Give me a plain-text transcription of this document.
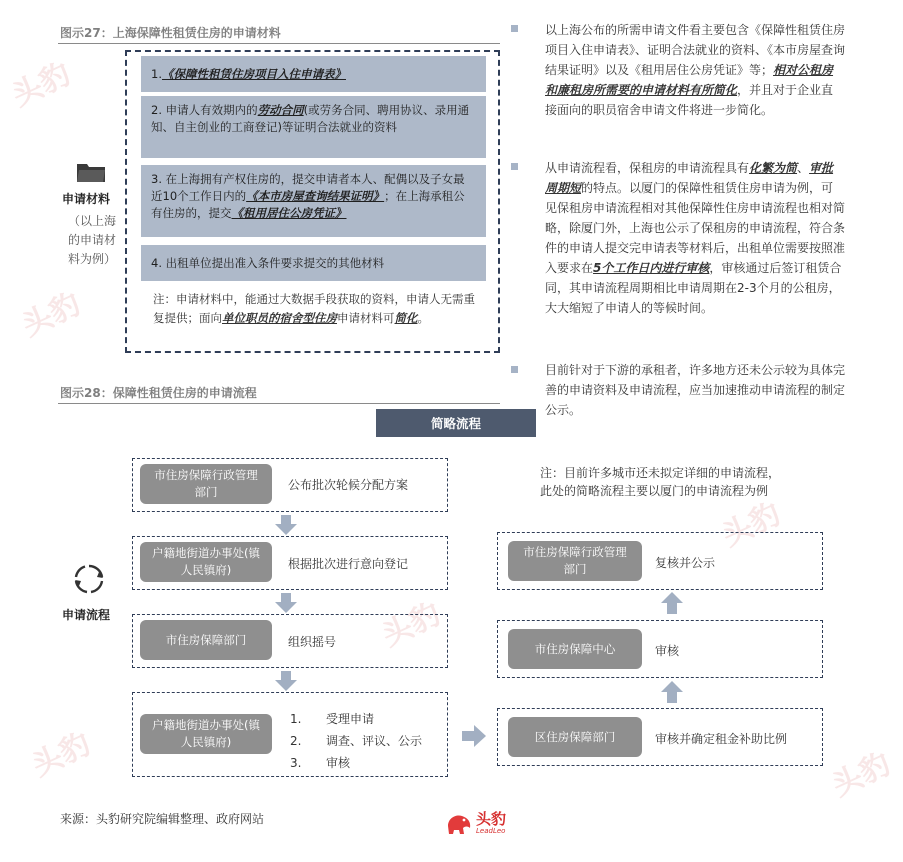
头豹
头豹
头豹
头豹
头豹	头豹
图示27：上海保障性租赁住房的申请材料
申请材料
（以上海的申请材料为例）
1. 《保障性租赁住房项目入住申请表》
2. 申请人有效期内的劳动合同(或劳务合同、聘用协议、录用通知、自主创业的工商登记)等证明合法就业的资料
3. 在上海拥有产权住房的，提交申请者本人、配偶以及子女最近10个工作日内的《本市房屋查询结果证明》；在上海承租公有住房的，提交《租用居住公房凭证》
4. 出租单位提出准入条件要求提交的其他材料
注：申请材料中，能通过大数据手段获取的资料，申请人无需重复提供；面向单位职员的宿舍型住房申请材料可简化。
以上海公布的所需申请文件看主要包含《保障性租赁住房项目入住申请表》、证明合法就业的资料、《本市房屋查询结果证明》以及《租用居住公房凭证》等；相对公租房和廉租房所需要的申请材料有所简化，并且对于企业直接面向的职员宿舍申请文件将进一步简化。
从申请流程看，保租房的申请流程具有化繁为简、审批周期短的特点。以厦门的保障性租赁住房申请为例，可见保租房申请流程相对其他保障性住房申请流程也相对简略，除厦门外，上海也公示了保租房的申请流程，符合条件的申请人提交完申请表等材料后，出租单位需要按照准入要求在5个工作日内进行审核，审核通过后签订租赁合同，其申请流程周期相比申请周期在2-3个月的公租房，大大缩短了申请人的等候时间。
目前针对于下游的承租者，许多地方还未公示较为具体完善的申请资料及申请流程，应当加速推动申请流程的制定公示。
图示28：保障性租赁住房的申请流程
简略流程
申请流程
市住房保障行政管理部门	公布批次轮候分配方案
户籍地街道办事处(镇人民镇府)	根据批次进行意向登记
市住房保障部门	组织摇号
户籍地街道办事处(镇人民镇府)
1. 受理申请
2. 调查、评议、公示
3. 审核
注：目前许多城市还未拟定详细的申请流程，
此处的简略流程主要以厦门的申请流程为例
市住房保障行政管理部门	复核并公示
市住房保障中心	审核
区住房保障部门	审核并确定租金补助比例
来源：头豹研究院编辑整理、政府网站	头豹
LeadLeo
